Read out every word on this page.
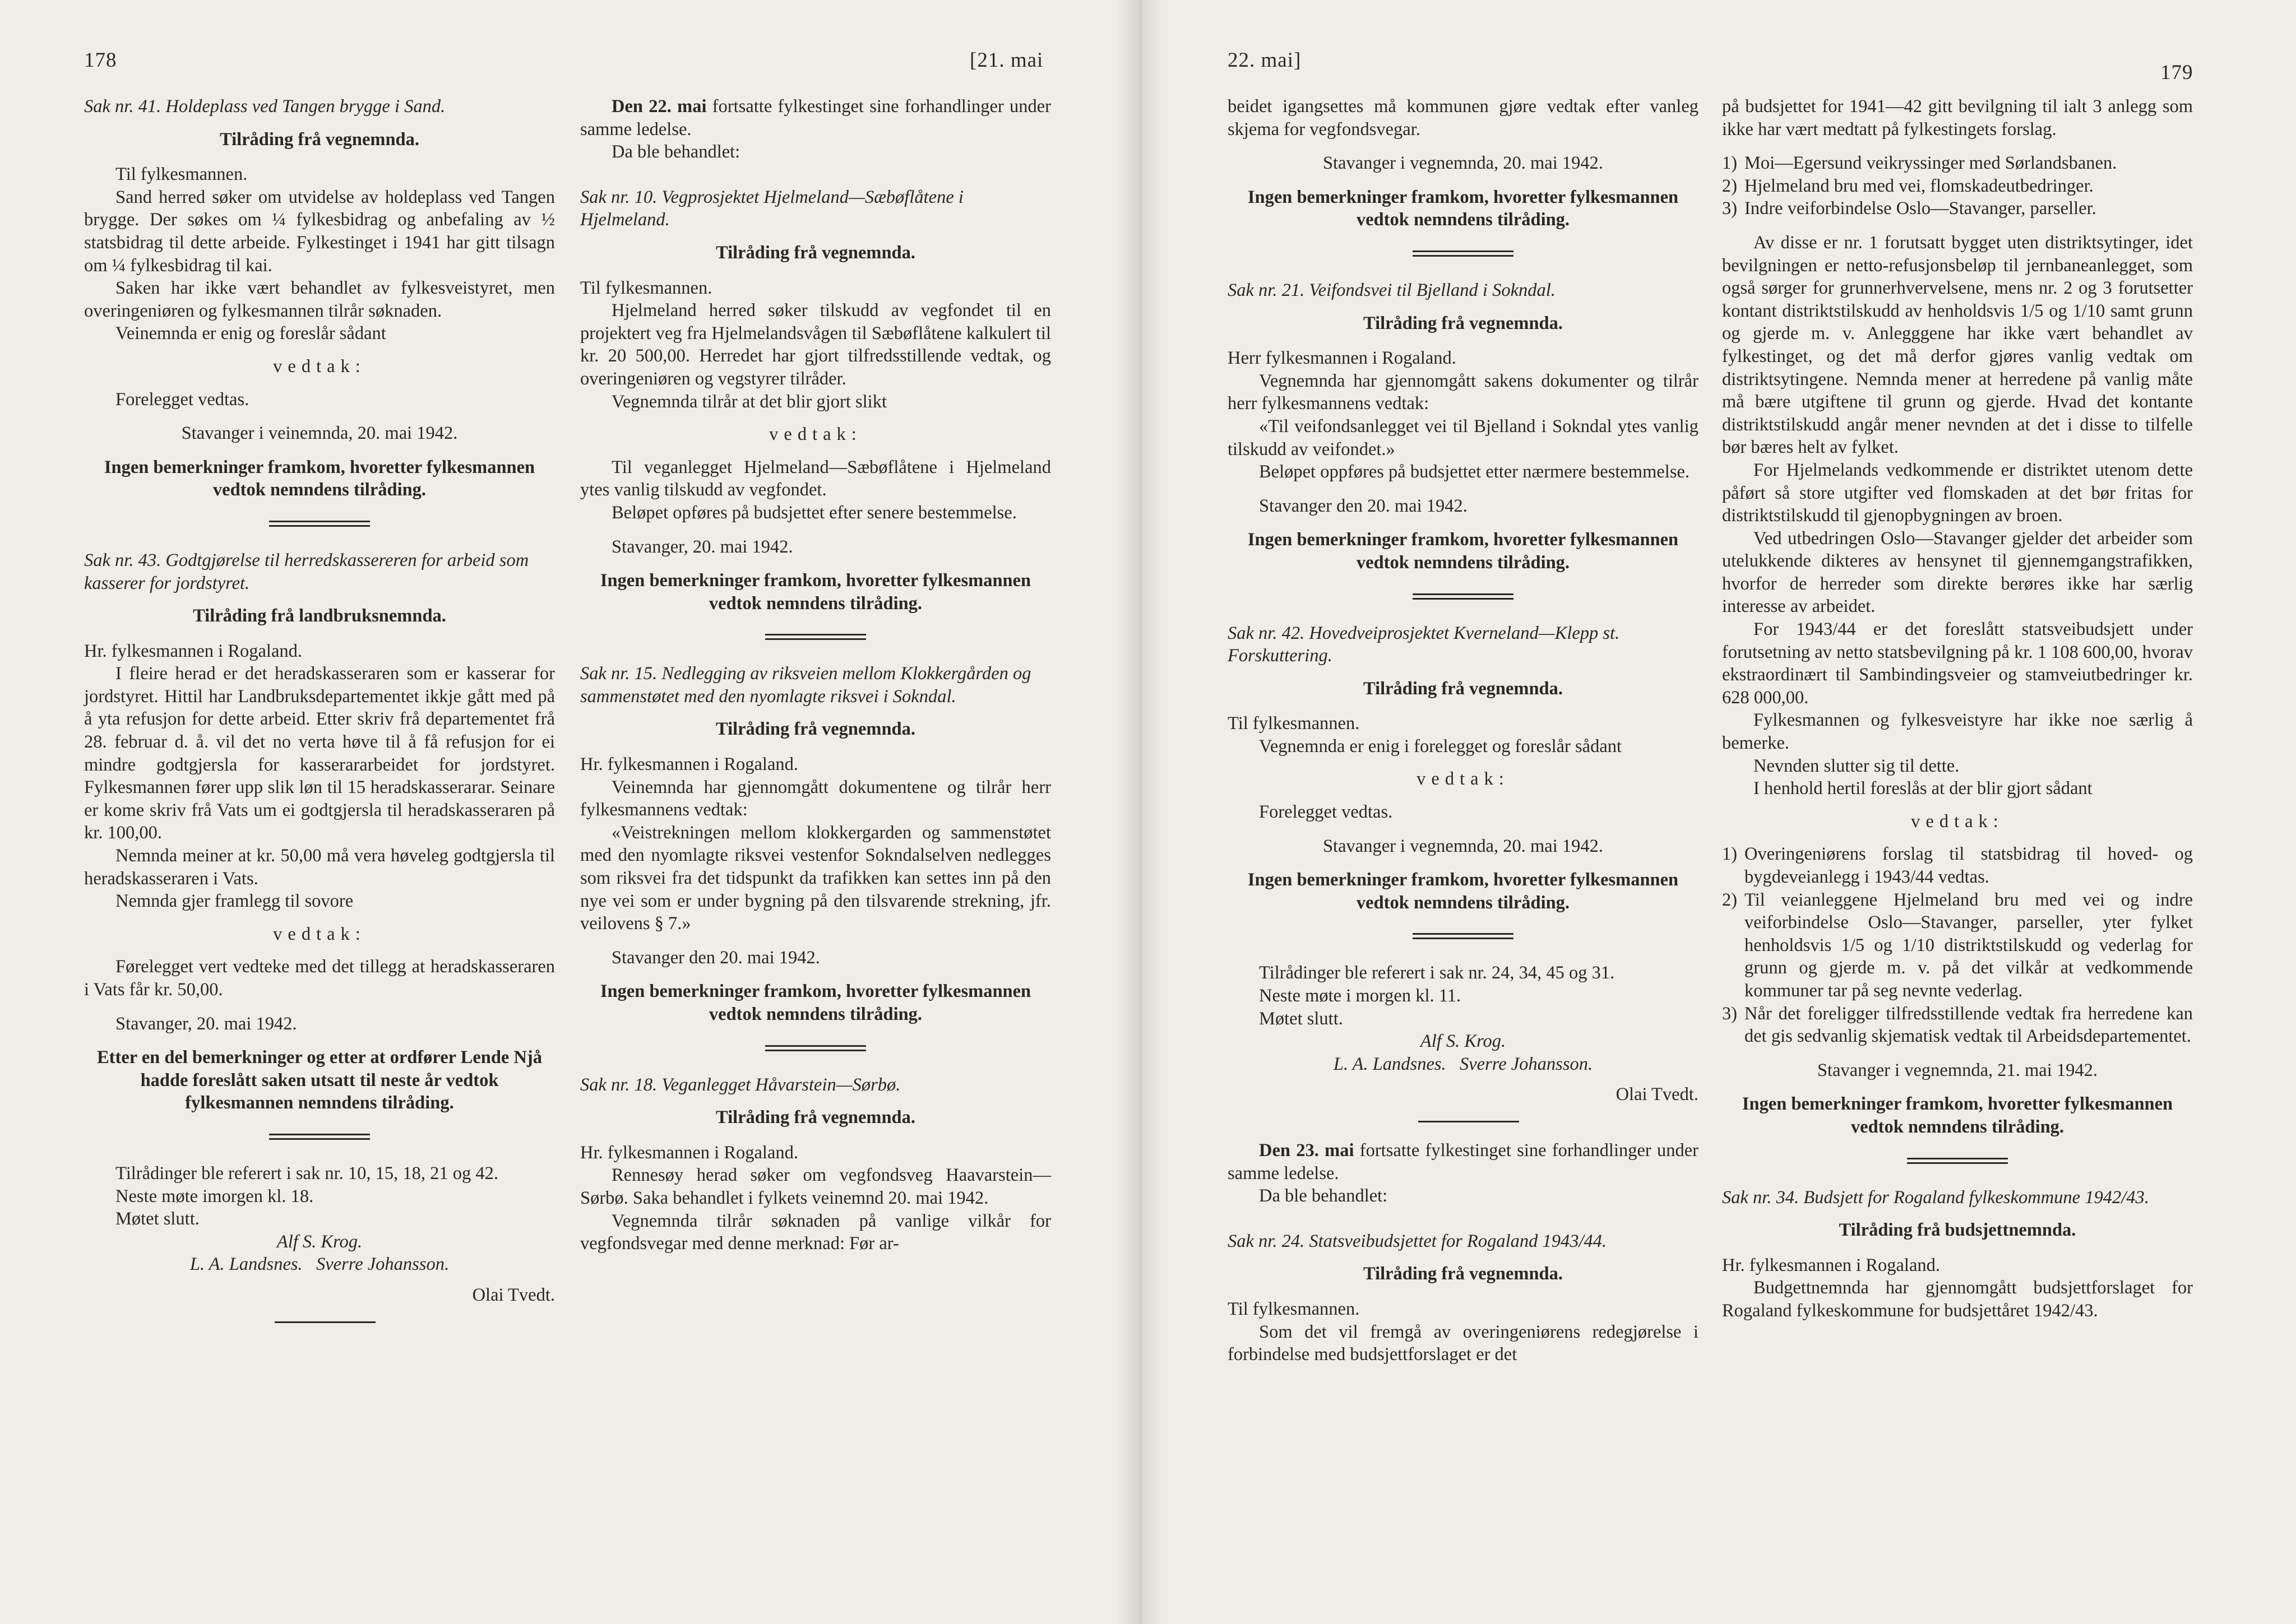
178	[21. mai

Sak nr. 41. Holdeplass ved Tangen brygge i Sand.

Tilråding frå vegnemnda.

Til fylkesmannen.

Sand herred søker om utvidelse av holdeplass ved Tangen brygge. Der søkes om ¼ fylkesbidrag og anbefaling av ½ statsbidrag til dette arbeide. Fylkestinget i 1941 har gitt tilsagn om ¼ fylkesbidrag til kai.

Saken har ikke vært behandlet av fylkesveistyret, men overingeniøren og fylkesmannen tilrår søknaden.

Veinemnda er enig og foreslår sådant

vedtak:

Forelegget vedtas.

Stavanger i veinemnda, 20. mai 1942.

Ingen bemerkninger framkom, hvoretter fylkesmannen vedtok nemndens tilråding.

Sak nr. 43. Godtgjørelse til herredskassereren for arbeid som kasserer for jordstyret.

Tilråding frå landbruksnemnda.

Hr. fylkesmannen i Rogaland.

I fleire herad er det heradskasseraren som er kasserar for jordstyret. Hittil har Landbruksdepartementet ikkje gått med på å yta refusjon for dette arbeid. Etter skriv frå departementet frå 28. februar d. å. vil det no verta høve til å få refusjon for ei mindre godtgjersla for kasserararbeidet for jordstyret. Fylkesmannen fører upp slik løn til 15 heradskasserarar. Seinare er kome skriv frå Vats um ei godtgjersla til heradskasseraren på kr. 100,00.

Nemnda meiner at kr. 50,00 må vera høveleg godtgjersla til heradskasseraren i Vats.

Nemnda gjer framlegg til sovore

vedtak:

Førelegget vert vedteke med det tillegg at heradskasseraren i Vats får kr. 50,00.

Stavanger, 20. mai 1942.

Etter en del bemerkninger og etter at ordfører Lende Njå hadde foreslått saken utsatt til neste år vedtok fylkesmannen nemndens tilråding.

Tilrådinger ble referert i sak nr. 10, 15, 18, 21 og 42.

Neste møte imorgen kl. 18.

Møtet slutt.

Alf S. Krog.

L. A. Landsnes.   Sverre Johansson.

Olai Tvedt.

Den 22. mai fortsatte fylkestinget sine forhandlinger under samme ledelse.

Da ble behandlet:

Sak nr. 10. Vegprosjektet Hjelmeland—Sæbøflåtene i Hjelmeland.

Tilråding frå vegnemnda.

Til fylkesmannen.

Hjelmeland herred søker tilskudd av vegfondet til en projektert veg fra Hjelmelandsvågen til Sæbøflåtene kalkulert til kr. 20 500,00. Herredet har gjort tilfredsstillende vedtak, og overingeniøren og vegstyrer tilråder.

Vegnemnda tilrår at det blir gjort slikt

vedtak:

Til veganlegget Hjelmeland—Sæbøflåtene i Hjelmeland ytes vanlig tilskudd av vegfondet.

Beløpet opføres på budsjettet efter senere bestemmelse.

Stavanger, 20. mai 1942.

Ingen bemerkninger framkom, hvoretter fylkesmannen vedtok nemndens tilråding.

Sak nr. 15. Nedlegging av riksveien mellom Klokkergården og sammenstøtet med den nyomlagte riksvei i Sokndal.

Tilråding frå vegnemnda.

Hr. fylkesmannen i Rogaland.

Veinemnda har gjennomgått dokumentene og tilrår herr fylkesmannens vedtak:

«Veistrekningen mellom klokkergarden og sammenstøtet med den nyomlagte riksvei vestenfor Sokndalselven nedlegges som riksvei fra det tidspunkt da trafikken kan settes inn på den nye vei som er under bygning på den tilsvarende strekning, jfr. veilovens § 7.»

Stavanger den 20. mai 1942.

Ingen bemerkninger framkom, hvoretter fylkesmannen vedtok nemndens tilråding.

Sak nr. 18. Veganlegget Håvarstein—Sørbø.

Tilråding frå vegnemnda.

Hr. fylkesmannen i Rogaland.

Rennesøy herad søker om vegfondsveg Haavarstein—Sørbø. Saka behandlet i fylkets veinemnd 20. mai 1942.

Vegnemnda tilrår søknaden på vanlige vilkår for vegfondsvegar med denne merknad: Før ar-

22. mai]
179

beidet igangsettes må kommunen gjøre vedtak efter vanleg skjema for vegfondsvegar.

Stavanger i vegnemnda, 20. mai 1942.

Ingen bemerkninger framkom, hvoretter fylkesmannen vedtok nemndens tilråding.

Sak nr. 21. Veifondsvei til Bjelland i Sokndal.

Tilråding frå vegnemnda.

Herr fylkesmannen i Rogaland.

Vegnemnda har gjennomgått sakens dokumenter og tilrår herr fylkesmannens vedtak:

«Til veifondsanlegget vei til Bjelland i Sokndal ytes vanlig tilskudd av veifondet.»

Beløpet oppføres på budsjettet etter nærmere bestemmelse.

Stavanger den 20. mai 1942.

Ingen bemerkninger framkom, hvoretter fylkesmannen vedtok nemndens tilråding.

Sak nr. 42. Hovedveiprosjektet Kverneland—Klepp st. Forskuttering.

Tilråding frå vegnemnda.

Til fylkesmannen.

Vegnemnda er enig i forelegget og foreslår sådant

vedtak:

Forelegget vedtas.

Stavanger i vegnemnda, 20. mai 1942.

Ingen bemerkninger framkom, hvoretter fylkesmannen vedtok nemndens tilråding.

Tilrådinger ble referert i sak nr. 24, 34, 45 og 31.

Neste møte i morgen kl. 11.

Møtet slutt.

Alf S. Krog.

L. A. Landsnes.   Sverre Johansson.

Olai Tvedt.

Den 23. mai fortsatte fylkestinget sine forhandlinger under samme ledelse.

Da ble behandlet:

Sak nr. 24. Statsveibudsjettet for Rogaland 1943/44.

Tilråding frå vegnemnda.

Til fylkesmannen.

Som det vil fremgå av overingeniørens redegjørelse i forbindelse med budsjettforslaget er det

på budsjettet for 1941—42 gitt bevilgning til ialt 3 anlegg som ikke har vært medtatt på fylkestingets forslag.

1) Moi—Egersund veikryssinger med Sørlandsbanen.
2) Hjelmeland bru med vei, flomskadeutbedringer.
3) Indre veiforbindelse Oslo—Stavanger, parseller.

Av disse er nr. 1 forutsatt bygget uten distriktsytinger, idet bevilgningen er netto-refusjonsbeløp til jernbaneanlegget, som også sørger for grunnerhvervelsene, mens nr. 2 og 3 forutsetter kontant distriktstilskudd av henholdsvis 1/5 og 1/10 samt grunn og gjerde m. v. Anlegggene har ikke vært behandlet av fylkestinget, og det må derfor gjøres vanlig vedtak om distriktsytingene. Nemnda mener at herredene på vanlig måte må bære utgiftene til grunn og gjerde. Hvad det kontante distriktstilskudd angår mener nevnden at det i disse to tilfelle bør bæres helt av fylket.

For Hjelmelands vedkommende er distriktet utenom dette påført så store utgifter ved flomskaden at det bør fritas for distriktstilskudd til gjenopbygningen av broen.

Ved utbedringen Oslo—Stavanger gjelder det arbeider som utelukkende dikteres av hensynet til gjennemgangstrafikken, hvorfor de herreder som direkte berøres ikke har særlig interesse av arbeidet.

For 1943/44 er det foreslått statsveibudsjett under forutsetning av netto statsbevilgning på kr. 1 108 600,00, hvorav ekstraordinært til Sambindingsveier og stamveiutbedringer kr. 628 000,00.

Fylkesmannen og fylkesveistyre har ikke noe særlig å bemerke.

Nevnden slutter sig til dette.

I henhold hertil foreslås at der blir gjort sådant

vedtak:

1) Overingeniørens forslag til statsbidrag til hoved- og bygdeveianlegg i 1943/44 vedtas.
2) Til veianleggene Hjelmeland bru med vei og indre veiforbindelse Oslo—Stavanger, parseller, yter fylket henholdsvis 1/5 og 1/10 distriktstilskudd og vederlag for grunn og gjerde m. v. på det vilkår at vedkommende kommuner tar på seg nevnte vederlag.
3) Når det foreligger tilfredsstillende vedtak fra herredene kan det gis sedvanlig skjematisk vedtak til Arbeidsdepartementet.

Stavanger i vegnemnda, 21. mai 1942.

Ingen bemerkninger framkom, hvoretter fylkesmannen vedtok nemndens tilråding.

Sak nr. 34. Budsjett for Rogaland fylkeskommune 1942/43.

Tilråding frå budsjettnemnda.

Hr. fylkesmannen i Rogaland.

Budgettnemnda har gjennomgått budsjettforslaget for Rogaland fylkeskommune for budsjettåret 1942/43.
